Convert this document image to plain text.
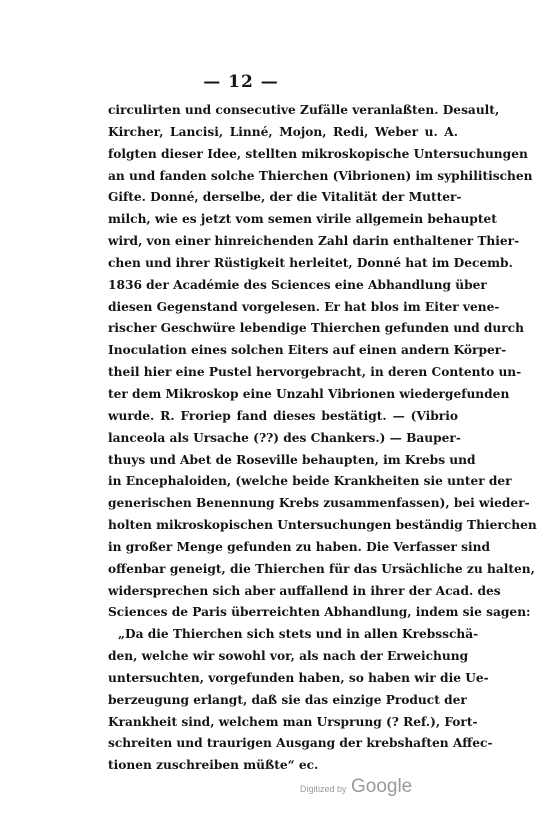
— 12 —
circulirten und consecutive Zufälle veranlaßten. Desault,
Kircher, Lancisi, Linné, Mojon, Redi, Weber u. A.
folgten dieser Idee, stellten mikroskopische Untersuchungen
an und fanden solche Thierchen (Vibrionen) im syphilitischen
Gifte. Donné, derselbe, der die Vitalität der Mutter-
milch, wie es jetzt vom semen virile allgemein behauptet
wird, von einer hinreichenden Zahl darin enthaltener Thier-
chen und ihrer Rüstigkeit herleitet, Donné hat im Decemb.
1836 der Académie des Sciences eine Abhandlung über
diesen Gegenstand vorgelesen. Er hat blos im Eiter vene-
rischer Geschwüre lebendige Thierchen gefunden und durch
Inoculation eines solchen Eiters auf einen andern Körper-
theil hier eine Pustel hervorgebracht, in deren Contento un-
ter dem Mikroskop eine Unzahl Vibrionen wiedergefunden
wurde. R. Froriep fand dieses bestätigt. — (Vibrio
lanceola als Ursache (??) des Chankers.) — Bauper-
thuys und Abet de Roseville behaupten, im Krebs und
in Encephaloiden, (welche beide Krankheiten sie unter der
generischen Benennung Krebs zusammenfassen), bei wieder-
holten mikroskopischen Untersuchungen beständig Thierchen
in großer Menge gefunden zu haben. Die Verfasser sind
offenbar geneigt, die Thierchen für das Ursächliche zu halten,
widersprechen sich aber auffallend in ihrer der Acad. des
Sciences de Paris überreichten Abhandlung, indem sie sagen:
„Da die Thierchen sich stets und in allen Krebsschä-
den, welche wir sowohl vor, als nach der Erweichung
untersuchten, vorgefunden haben, so haben wir die Ue-
berzeugung erlangt, daß sie das einzige Product der
Krankheit sind, welchem man Ursprung (? Ref.), Fort-
schreiten und traurigen Ausgang der krebshaften Affec-
tionen zuschreiben müßte“ ec.
Digitized by Google
